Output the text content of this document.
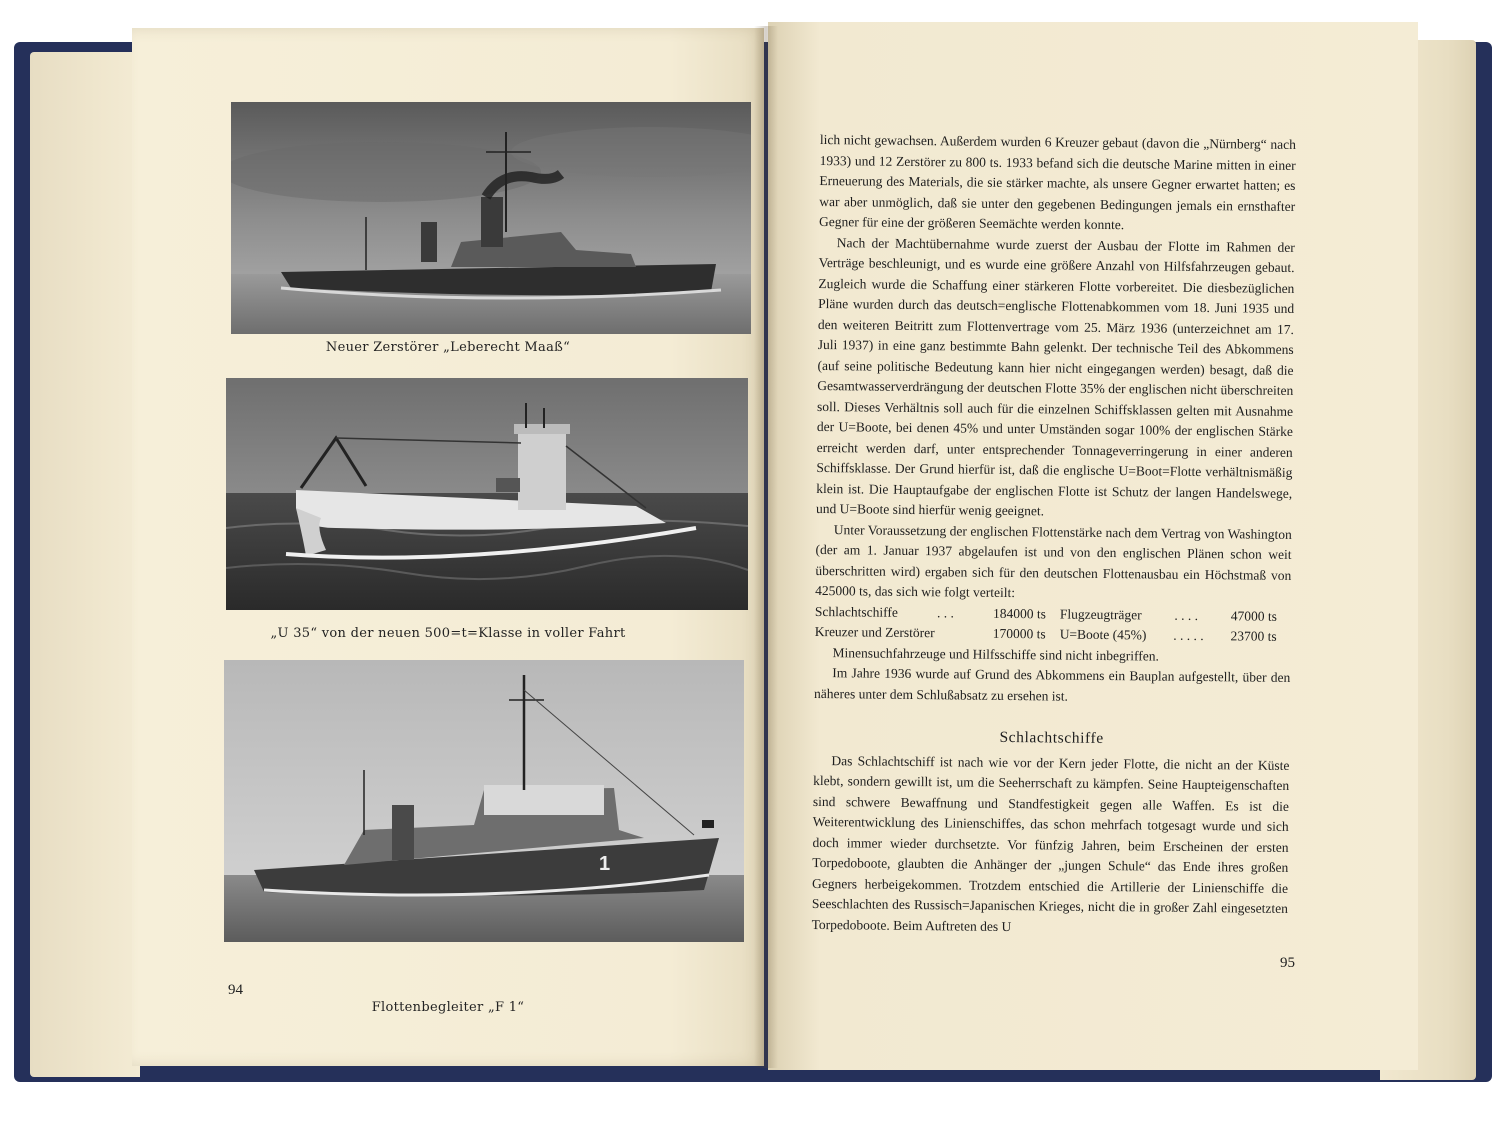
Neuer Zerstörer „Leberecht Maaß“
„U 35“ von der neuen 500=t=Klasse in voller Fahrt
1
94
Flottenbegleiter „F 1“

lich nicht gewachsen. Außerdem wurden 6 Kreuzer gebaut (davon die „Nürnberg“ nach 1933) und 12 Zerstörer zu 800 ts. 1933 befand sich die deutsche Marine mitten in einer Erneuerung des Materials, die sie stärker machte, als unsere Gegner erwartet hatten; es war aber unmöglich, daß sie unter den gegebenen Bedingungen jemals ein ernsthafter Gegner für eine der größeren Seemächte werden konnte.

Nach der Machtübernahme wurde zuerst der Ausbau der Flotte im Rahmen der Verträge beschleunigt, und es wurde eine größere Anzahl von Hilfsfahrzeugen gebaut. Zugleich wurde die Schaffung einer stärkeren Flotte vorbereitet. Die diesbezüglichen Pläne wurden durch das deutsch=englische Flottenabkommen vom 18. Juni 1935 und den weiteren Beitritt zum Flottenvertrage vom 25. März 1936 (unterzeichnet am 17. Juli 1937) in eine ganz bestimmte Bahn gelenkt. Der technische Teil des Abkommens (auf seine politische Bedeutung kann hier nicht eingegangen werden) besagt, daß die Gesamtwasserverdrängung der deutschen Flotte 35% der englischen nicht überschreiten soll. Dieses Verhältnis soll auch für die einzelnen Schiffsklassen gelten mit Ausnahme der U=Boote, bei denen 45% und unter Umständen sogar 100% der englischen Stärke erreicht werden darf, unter entsprechender Tonnageverringerung in einer anderen Schiffsklasse. Der Grund hierfür ist, daß die englische U=Boot=Flotte verhältnismäßig klein ist. Die Hauptaufgabe der englischen Flotte ist Schutz der langen Handelswege, und U=Boote sind hierfür wenig geeignet.

Unter Voraussetzung der englischen Flottenstärke nach dem Vertrag von Washington (der am 1. Januar 1937 abgelaufen ist und von den englischen Plänen schon weit überschritten wird) ergaben sich für den deutschen Flottenausbau ein Höchstmaß von 425000 ts, das sich wie folgt verteilt:

Schlachtschiffe	. . .	184000 ts Flugzeugträger . . . . 47000 ts
Kreuzer und Zerstörer	170000 ts U=Boote (45%) . . . . . 23700 ts

Minensuchfahrzeuge und Hilfsschiffe sind nicht inbegriffen.

Im Jahre 1936 wurde auf Grund des Abkommens ein Bauplan aufgestellt, über den näheres unter dem Schlußabsatz zu ersehen ist.

Schlachtschiffe

Das Schlachtschiff ist nach wie vor der Kern jeder Flotte, die nicht an der Küste klebt, sondern gewillt ist, um die Seeherrschaft zu kämpfen. Seine Haupteigenschaften sind schwere Bewaffnung und Standfestigkeit gegen alle Waffen. Es ist die Weiterentwicklung des Linienschiffes, das schon mehrfach totgesagt wurde und sich doch immer wieder durchsetzte. Vor fünfzig Jahren, beim Erscheinen der ersten Torpedoboote, glaubten die Anhänger der „jungen Schule“ das Ende ihres großen Gegners herbeigekommen. Trotzdem entschied die Artillerie der Linienschiffe die Seeschlachten des Russisch=Japanischen Krieges, nicht die in großer Zahl eingesetzten Torpedoboote. Beim Auftreten des U

95
